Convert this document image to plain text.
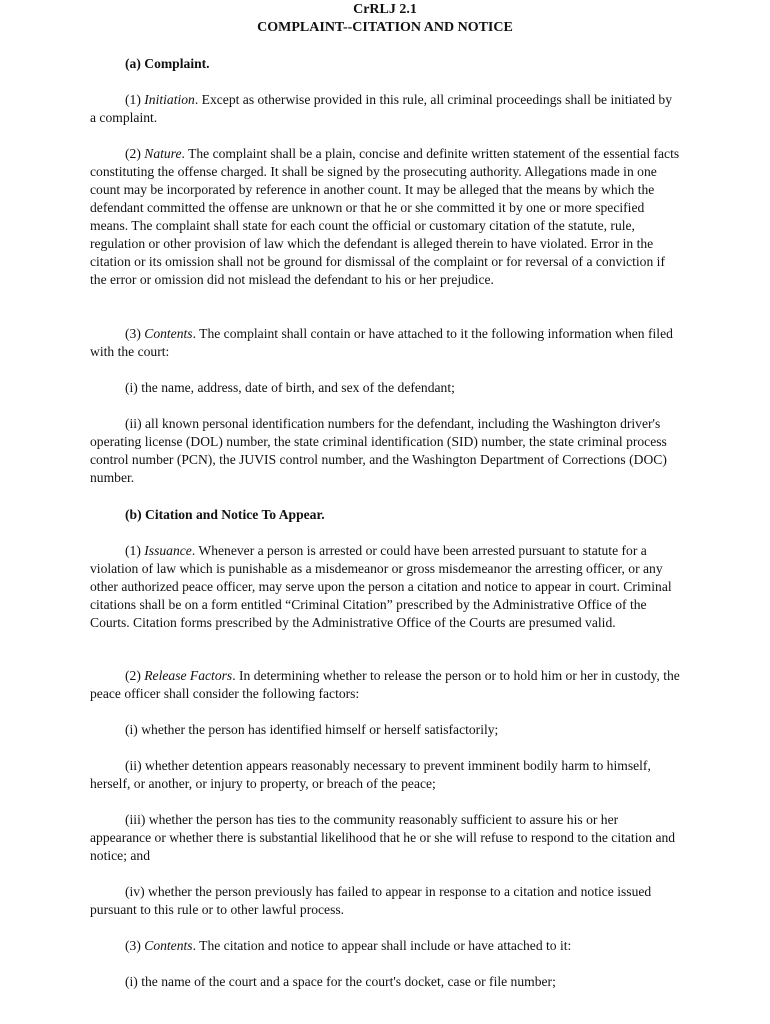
CrRLJ 2.1
COMPLAINT--CITATION AND NOTICE
(a) Complaint.

(1) Initiation. Except as otherwise provided in this rule, all criminal proceedings shall be initiated by a complaint.

(2) Nature. The complaint shall be a plain, concise and definite written statement of the essential facts constituting the offense charged. It shall be signed by the prosecuting authority. Allegations made in one count may be incorporated by reference in another count. It may be alleged that the means by which the defendant committed the offense are unknown or that he or she committed it by one or more specified means. The complaint shall state for each count the official or customary citation of the statute, rule, regulation or other provision of law which the defendant is alleged therein to have violated. Error in the citation or its omission shall not be ground for dismissal of the complaint or for reversal of a conviction if the error or omission did not mislead the defendant to his or her prejudice.

(3) Contents. The complaint shall contain or have attached to it the following information when filed with the court:

(i) the name, address, date of birth, and sex of the defendant;

(ii) all known personal identification numbers for the defendant, including the Washington driver's operating license (DOL) number, the state criminal identification (SID) number, the state criminal process control number (PCN), the JUVIS control number, and the Washington Department of Corrections (DOC) number.

(b) Citation and Notice To Appear.

(1) Issuance. Whenever a person is arrested or could have been arrested pursuant to statute for a violation of law which is punishable as a misdemeanor or gross misdemeanor the arresting officer, or any other authorized peace officer, may serve upon the person a citation and notice to appear in court. Criminal citations shall be on a form entitled “Criminal Citation” prescribed by the Administrative Office of the Courts. Citation forms prescribed by the Administrative Office of the Courts are presumed valid.

(2) Release Factors. In determining whether to release the person or to hold him or her in custody, the peace officer shall consider the following factors:

(i) whether the person has identified himself or herself satisfactorily;

(ii) whether detention appears reasonably necessary to prevent imminent bodily harm to himself, herself, or another, or injury to property, or breach of the peace;

(iii) whether the person has ties to the community reasonably sufficient to assure his or her appearance or whether there is substantial likelihood that he or she will refuse to respond to the citation and notice; and

(iv) whether the person previously has failed to appear in response to a citation and notice issued pursuant to this rule or to other lawful process.

(3) Contents. The citation and notice to appear shall include or have attached to it:

(i) the name of the court and a space for the court's docket, case or file number;
